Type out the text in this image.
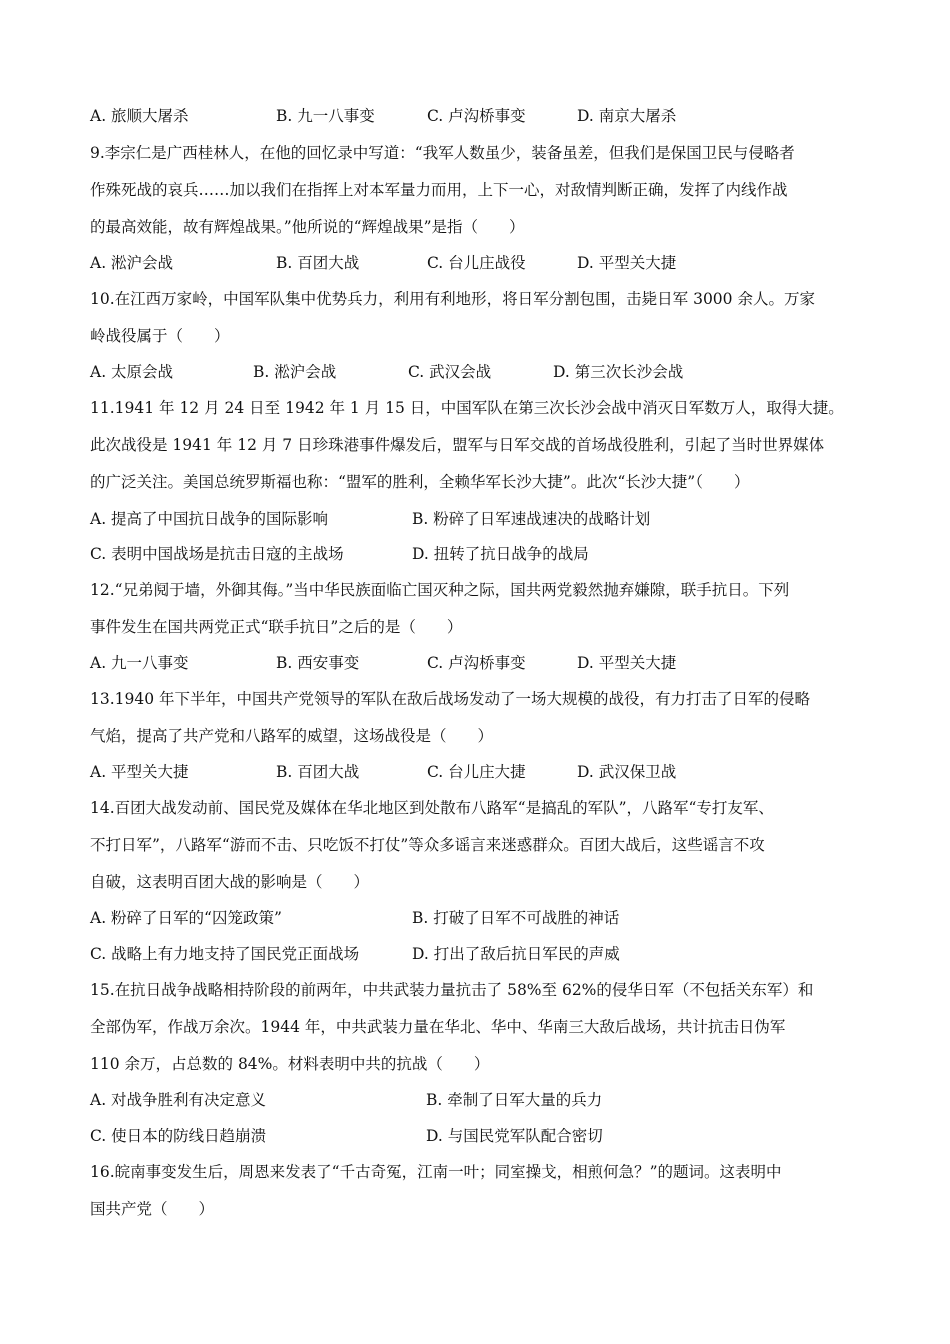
A. 旅顺大屠杀	B. 九一八事变	C. 卢沟桥事变	D. 南京大屠杀
9.李宗仁是广西桂林人，在他的回忆录中写道：“我军人数虽少，装备虽差，但我们是保国卫民与侵略者
作殊死战的哀兵……加以我们在指挥上对本军量力而用，上下一心，对敌情判断正确，发挥了内线作战
的最高效能，故有辉煌战果。”他所说的“辉煌战果”是指（　　）
A. 淞沪会战	B. 百团大战	C. 台儿庄战役	D. 平型关大捷
10.在江西万家岭，中国军队集中优势兵力，利用有利地形，将日军分割包围，击毙日军 3000 余人。万家
岭战役属于（　　）
A. 太原会战	B. 淞沪会战	C. 武汉会战	D. 第三次长沙会战
11.1941 年 12 月 24 日至 1942 年 1 月 15 日，中国军队在第三次长沙会战中消灭日军数万人，取得大捷。
此次战役是 1941 年 12 月 7 日珍珠港事件爆发后，盟军与日军交战的首场战役胜利，引起了当时世界媒体
的广泛关注。美国总统罗斯福也称：“盟军的胜利，全赖华军长沙大捷”。此次“长沙大捷”（　　）
A. 提高了中国抗日战争的国际影响	B. 粉碎了日军速战速决的战略计划
C. 表明中国战场是抗击日寇的主战场	D. 扭转了抗日战争的战局
12.“兄弟阋于墙，外御其侮。”当中华民族面临亡国灭种之际，国共两党毅然抛弃嫌隙，联手抗日。下列
事件发生在国共两党正式“联手抗日”之后的是（　　）
A. 九一八事变	B. 西安事变	C. 卢沟桥事变	D. 平型关大捷
13.1940 年下半年，中国共产党领导的军队在敌后战场发动了一场大规模的战役，有力打击了日军的侵略
气焰，提高了共产党和八路军的威望，这场战役是（　　）
A. 平型关大捷	B. 百团大战	C. 台儿庄大捷	D. 武汉保卫战
14.百团大战发动前、国民党及媒体在华北地区到处散布八路军“是搞乱的军队”，八路军“专打友军、
不打日军”，八路军“游而不击、只吃饭不打仗”等众多谣言来迷惑群众。百团大战后，这些谣言不攻
自破，这表明百团大战的影响是（　　）
A. 粉碎了日军的“囚笼政策”	B. 打破了日军不可战胜的神话
C. 战略上有力地支持了国民党正面战场	D. 打出了敌后抗日军民的声威
15.在抗日战争战略相持阶段的前两年，中共武装力量抗击了 58%至 62%的侵华日军（不包括关东军）和
全部伪军，作战万余次。1944 年，中共武装力量在华北、华中、华南三大敌后战场，共计抗击日伪军
110 余万，占总数的 84%。材料表明中共的抗战（　　）
A. 对战争胜利有决定意义	B. 牵制了日军大量的兵力
C. 使日本的防线日趋崩溃	D. 与国民党军队配合密切
16.皖南事变发生后，周恩来发表了“千古奇冤，江南一叶；同室操戈，相煎何急？”的题词。这表明中
国共产党（　　）
